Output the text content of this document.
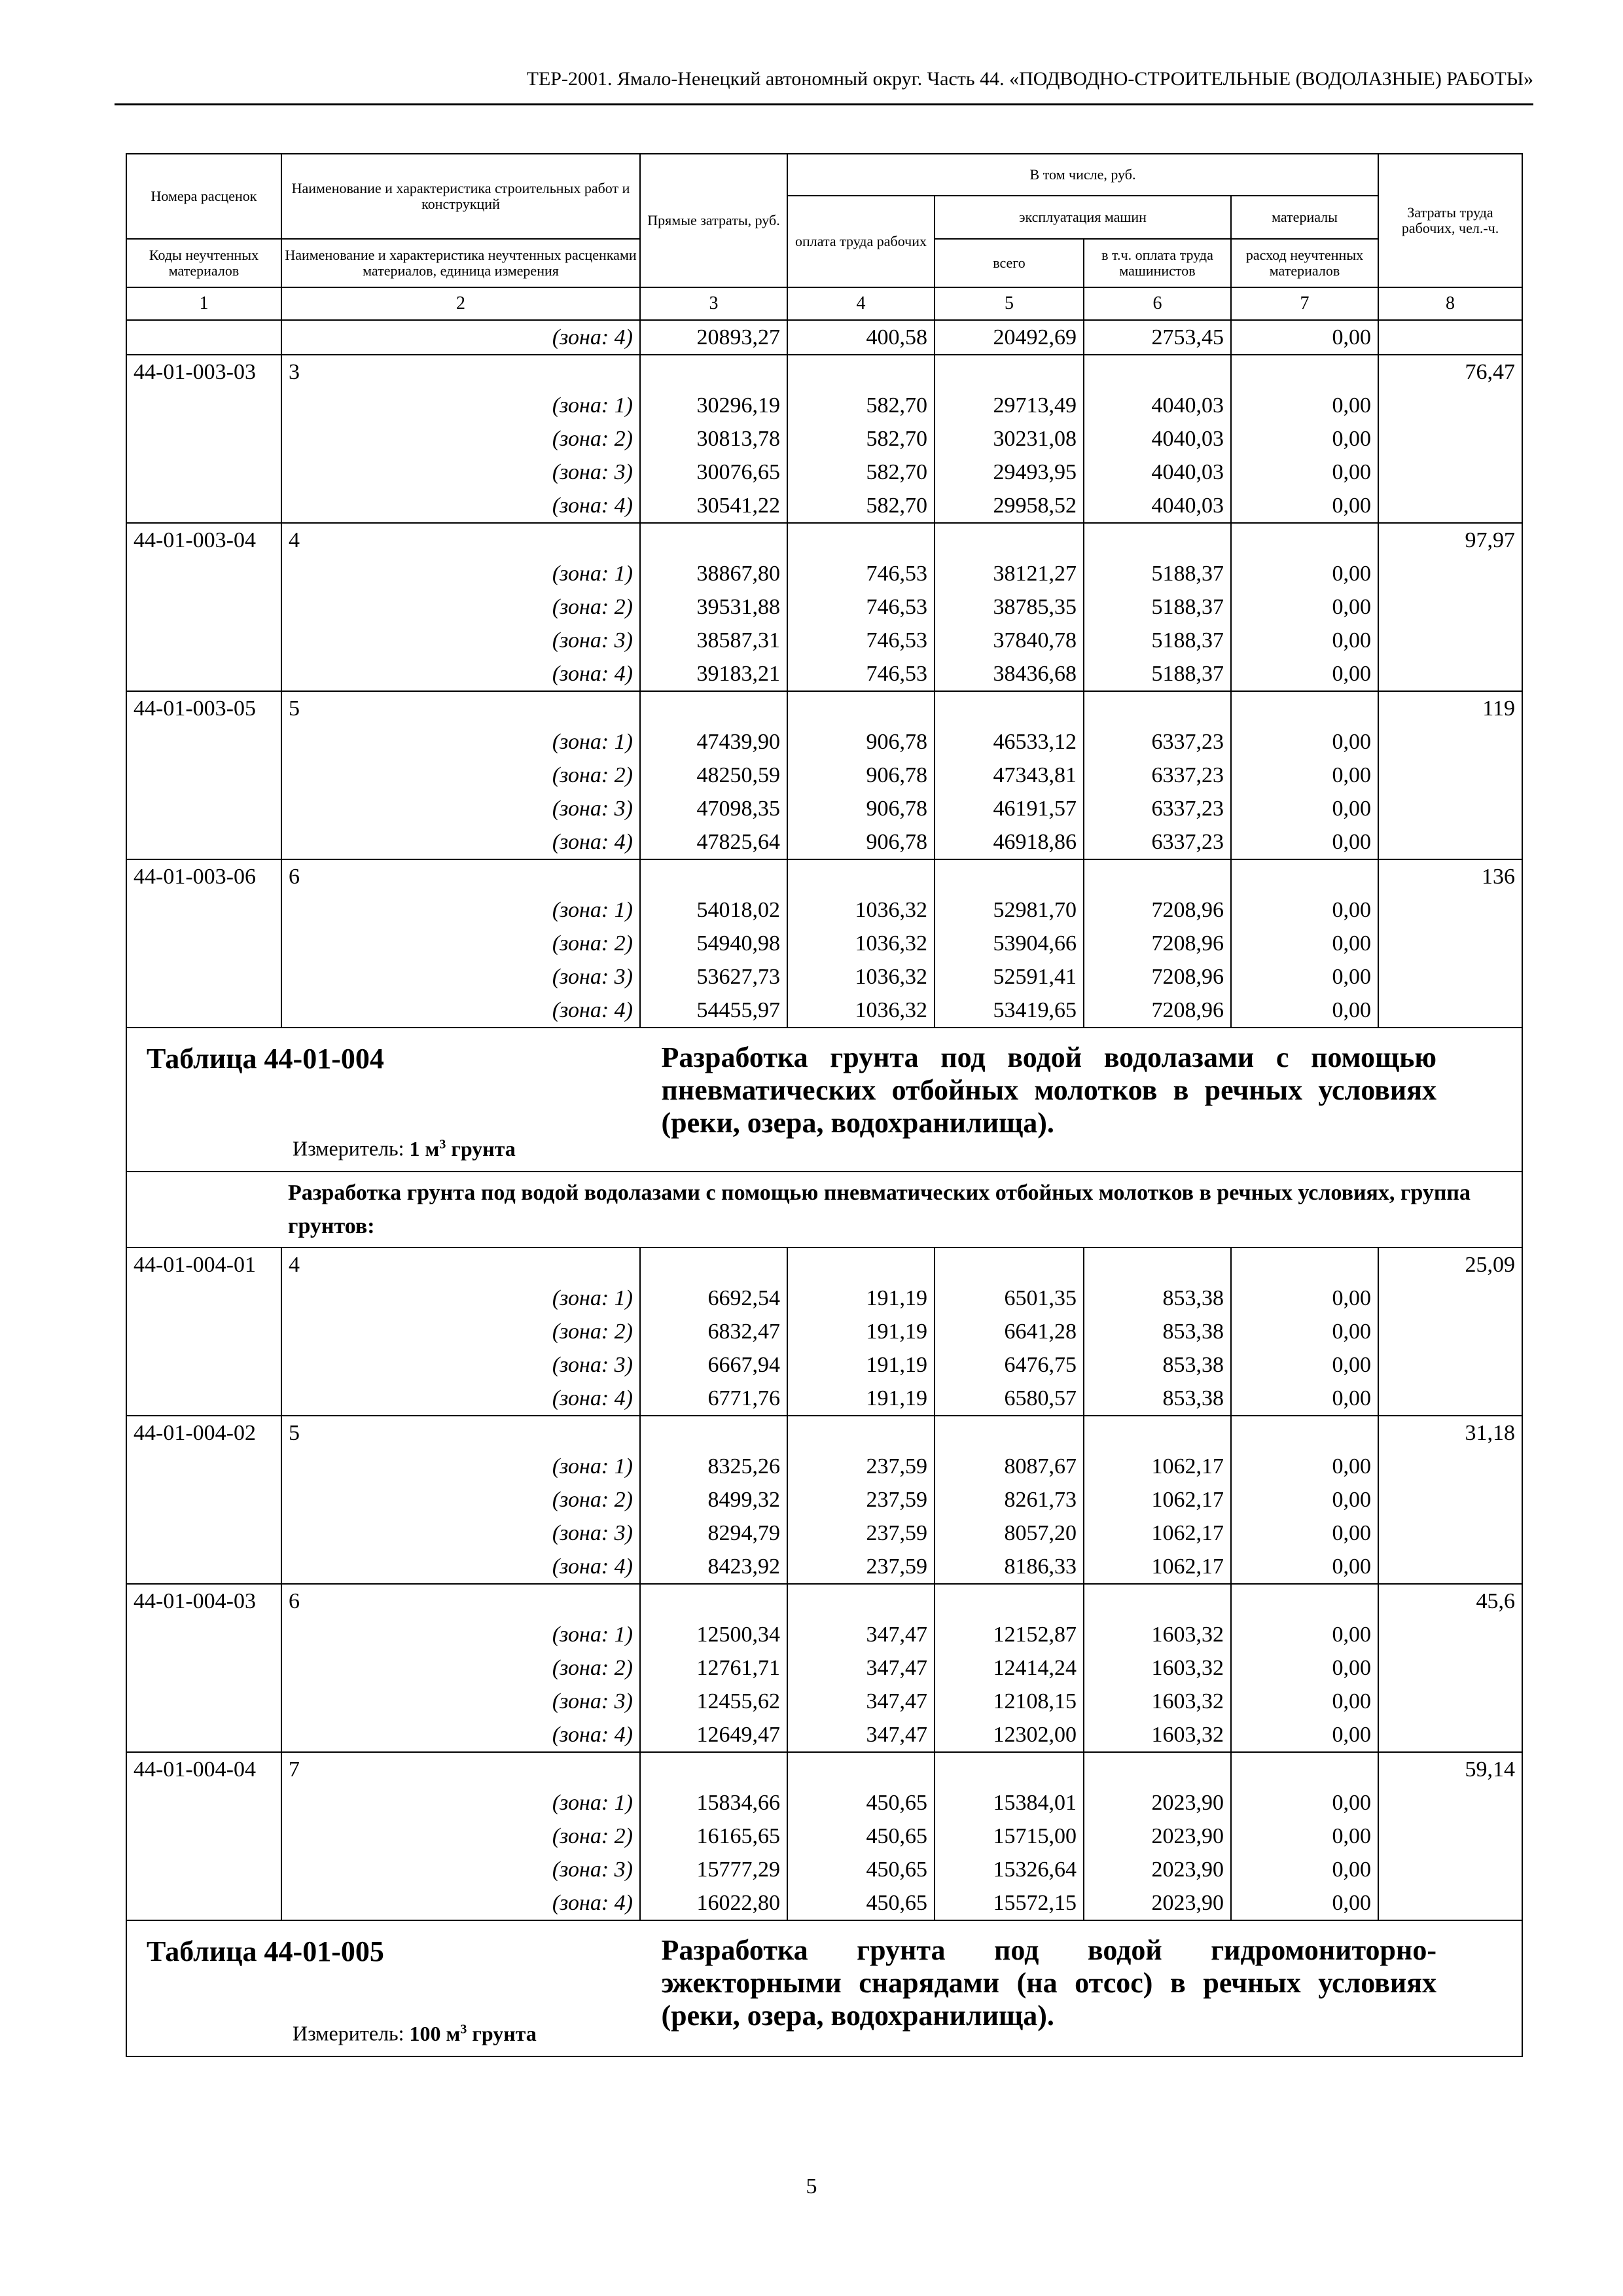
ТЕР-2001. Ямало-Ненецкий автономный округ. Часть 44. «ПОДВОДНО-СТРОИТЕЛЬНЫЕ (ВОДОЛАЗНЫЕ) РАБОТЫ»
Номера расценок	Наименование и характеристика строительных работ и конструкций	Прямые затраты, руб.	В том числе, руб.				Затраты труда рабочих, чел.-ч.
			оплата труда рабочих	эксплуатация машин		материалы	
Коды неучтенных материалов	Наименование и характеристика неучтенных расценками материалов, единица измерения			всего	в т.ч. оплата труда машинистов	расход неучтенных материалов	
1	2	3	4	5	6	7	8
	(зона: 4)	20893,27	400,58	20492,69	2753,45	0,00	
44-01-003-03	3						76,47
	(зона: 1)	30296,19	582,70	29713,49	4040,03	0,00	
	(зона: 2)	30813,78	582,70	30231,08	4040,03	0,00	
	(зона: 3)	30076,65	582,70	29493,95	4040,03	0,00	
	(зона: 4)	30541,22	582,70	29958,52	4040,03	0,00	
44-01-003-04	4						97,97
	(зона: 1)	38867,80	746,53	38121,27	5188,37	0,00	
	(зона: 2)	39531,88	746,53	38785,35	5188,37	0,00	
	(зона: 3)	38587,31	746,53	37840,78	5188,37	0,00	
	(зона: 4)	39183,21	746,53	38436,68	5188,37	0,00	
44-01-003-05	5						119
	(зона: 1)	47439,90	906,78	46533,12	6337,23	0,00	
	(зона: 2)	48250,59	906,78	47343,81	6337,23	0,00	
	(зона: 3)	47098,35	906,78	46191,57	6337,23	0,00	
	(зона: 4)	47825,64	906,78	46918,86	6337,23	0,00	
44-01-003-06	6						136
	(зона: 1)	54018,02	1036,32	52981,70	7208,96	0,00	
	(зона: 2)	54940,98	1036,32	53904,66	7208,96	0,00	
	(зона: 3)	53627,73	1036,32	52591,41	7208,96	0,00	
	(зона: 4)	54455,97	1036,32	53419,65	7208,96	0,00	

Таблица 44-01-004
Измеритель: 1 $м^3$ грунта
Разработка грунта под водой водолазами с помощью пневматических отбойных молотков в речных условиях (реки, озера, водохранилища).							

	Разработка грунта под водой водолазами с помощью пневматических отбойных молотков в речных условиях, группа грунтов:						
44-01-004-01	4						25,09
	(зона: 1)	6692,54	191,19	6501,35	853,38	0,00	
	(зона: 2)	6832,47	191,19	6641,28	853,38	0,00	
	(зона: 3)	6667,94	191,19	6476,75	853,38	0,00	
	(зона: 4)	6771,76	191,19	6580,57	853,38	0,00	
44-01-004-02	5						31,18
	(зона: 1)	8325,26	237,59	8087,67	1062,17	0,00	
	(зона: 2)	8499,32	237,59	8261,73	1062,17	0,00	
	(зона: 3)	8294,79	237,59	8057,20	1062,17	0,00	
	(зона: 4)	8423,92	237,59	8186,33	1062,17	0,00	
44-01-004-03	6						45,6
	(зона: 1)	12500,34	347,47	12152,87	1603,32	0,00	
	(зона: 2)	12761,71	347,47	12414,24	1603,32	0,00	
	(зона: 3)	12455,62	347,47	12108,15	1603,32	0,00	
	(зона: 4)	12649,47	347,47	12302,00	1603,32	0,00	
44-01-004-04	7						59,14
	(зона: 1)	15834,66	450,65	15384,01	2023,90	0,00	
	(зона: 2)	16165,65	450,65	15715,00	2023,90	0,00	
	(зона: 3)	15777,29	450,65	15326,64	2023,90	0,00	
	(зона: 4)	16022,80	450,65	15572,15	2023,90	0,00	

Таблица 44-01-005
Измеритель: 100 $м^3$ грунта
Разработка грунта под водой гидромониторно-эжекторными снарядами (на отсос) в речных условиях (реки, озера, водохранилища).							
5
